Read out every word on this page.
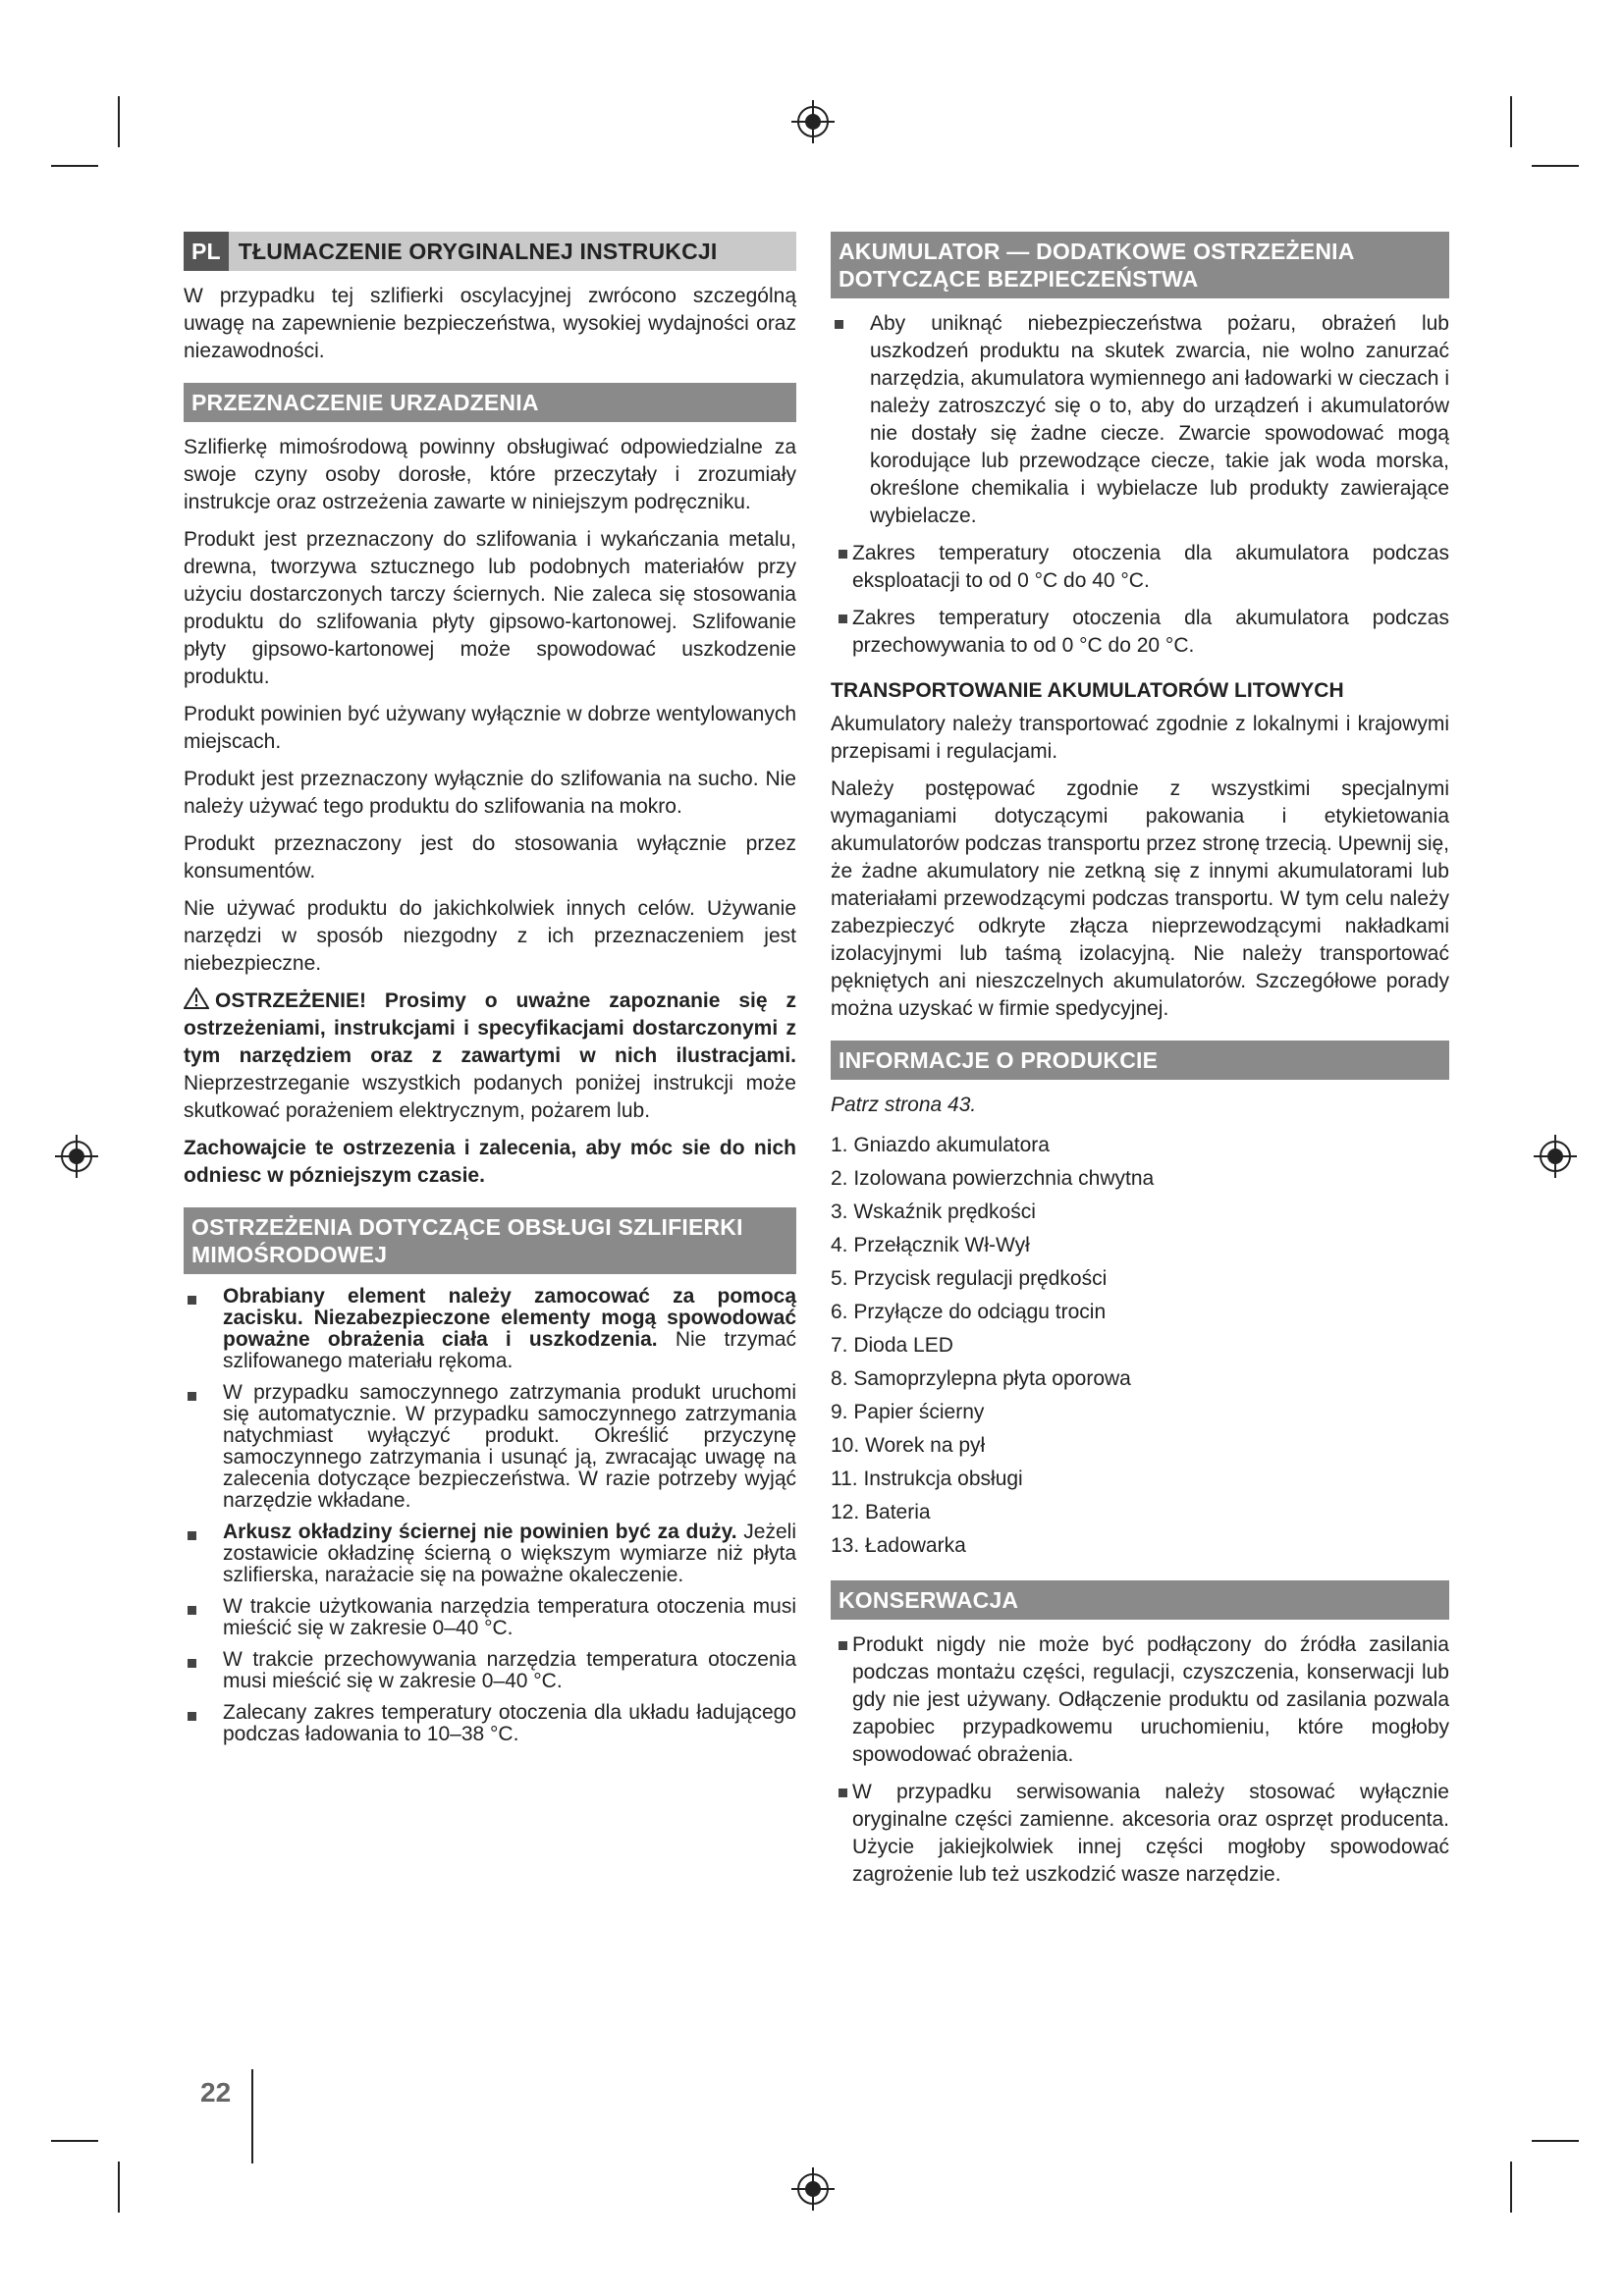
PL TŁUMACZENIE ORYGINALNEJ INSTRUKCJI

W przypadku tej szlifierki oscylacyjnej zwrócono szczególną uwagę na zapewnienie bezpieczeństwa, wysokiej wydajności oraz niezawodności.

PRZEZNACZENIE URZADZENIA

Szlifierkę mimośrodową powinny obsługiwać odpowiedzialne za swoje czyny osoby dorosłe, które przeczytały i zrozumiały instrukcje oraz ostrzeżenia zawarte w niniejszym podręczniku.

Produkt jest przeznaczony do szlifowania i wykańczania metalu, drewna, tworzywa sztucznego lub podobnych materiałów przy użyciu dostarczonych tarczy ściernych. Nie zaleca się stosowania produktu do szlifowania płyty gipsowo-kartonowej. Szlifowanie płyty gipsowo-kartonowej może spowodować uszkodzenie produktu.

Produkt powinien być używany wyłącznie w dobrze wentylowanych miejscach.

Produkt jest przeznaczony wyłącznie do szlifowania na sucho. Nie należy używać tego produktu do szlifowania na mokro.

Produkt przeznaczony jest do stosowania wyłącznie przez konsumentów.

Nie używać produktu do jakichkolwiek innych celów. Używanie narzędzi w sposób niezgodny z ich przeznaczeniem jest niebezpieczne.

OSTRZEŻENIE! Prosimy o uważne zapoznanie się z ostrzeżeniami, instrukcjami i specyfikacjami dostarczonymi z tym narzędziem oraz z zawartymi w nich ilustracjami. Nieprzestrzeganie wszystkich podanych poniżej instrukcji może skutkować porażeniem elektrycznym, pożarem lub.

Zachowajcie te ostrzezenia i zalecenia, aby móc sie do nich odniesc w pózniejszym czasie.

OSTRZEŻENIA DOTYCZĄCE OBSŁUGI SZLIFIERKI MIMOŚRODOWEJ
Obrabiany element należy zamocować za pomocą zacisku. Niezabezpieczone elementy mogą spowodować poważne obrażenia ciała i uszkodzenia. Nie trzymać szlifowanego materiału rękoma.
W przypadku samoczynnego zatrzymania produkt uruchomi się automatycznie. W przypadku samoczynnego zatrzymania natychmiast wyłączyć produkt. Określić przyczynę samoczynnego zatrzymania i usunąć ją, zwracając uwagę na zalecenia dotyczące bezpieczeństwa. W razie potrzeby wyjąć narzędzie wkładane.
Arkusz okładziny ściernej nie powinien być za duży. Jeżeli zostawicie okładzinę ścierną o większym wymiarze niż płyta szlifierska, narażacie się na poważne okaleczenie.
W trakcie użytkowania narzędzia temperatura otoczenia musi mieścić się w zakresie 0–40 °C.
W trakcie przechowywania narzędzia temperatura otoczenia musi mieścić się w zakresie 0–40 °C.
Zalecany zakres temperatury otoczenia dla układu ładującego podczas ładowania to 10–38 °C.
AKUMULATOR — DODATKOWE OSTRZEŻENIA DOTYCZĄCE BEZPIECZEŃSTWA
Aby uniknąć niebezpieczeństwa pożaru, obrażeń lub uszkodzeń produktu na skutek zwarcia, nie wolno zanurzać narzędzia, akumulatora wymiennego ani ładowarki w cieczach i należy zatroszczyć się o to, aby do urządzeń i akumulatorów nie dostały się żadne ciecze. Zwarcie spowodować mogą korodujące lub przewodzące ciecze, takie jak woda morska, określone chemikalia i wybielacze lub produkty zawierające wybielacze.
Zakres temperatury otoczenia dla akumulatora podczas eksploatacji to od 0 °C do 40 °C.
Zakres temperatury otoczenia dla akumulatora podczas przechowywania to od 0 °C do 20 °C.
TRANSPORTOWANIE AKUMULATORÓW LITOWYCH

Akumulatory należy transportować zgodnie z lokalnymi i krajowymi przepisami i regulacjami.

Należy postępować zgodnie z wszystkimi specjalnymi wymaganiami dotyczącymi pakowania i etykietowania akumulatorów podczas transportu przez stronę trzecią. Upewnij się, że żadne akumulatory nie zetkną się z innymi akumulatorami lub materiałami przewodzącymi podczas transportu. W tym celu należy zabezpieczyć odkryte złącza nieprzewodzącymi nakładkami izolacyjnymi lub taśmą izolacyjną. Nie należy transportować pękniętych ani nieszczelnych akumulatorów. Szczegółowe porady można uzyskać w firmie spedycyjnej.

INFORMACJE O PRODUKCIE

Patrz strona 43.

1. Gniazdo akumulatora
2. Izolowana powierzchnia chwytna
3. Wskaźnik prędkości
4. Przełącznik Wł-Wył
5. Przycisk regulacji prędkości
6. Przyłącze do odciągu trocin
7. Dioda LED
8. Samoprzylepna płyta oporowa
9. Papier ścierny
10. Worek na pył
11. Instrukcja obsługi
12. Bateria
13. Ładowarka
KONSERWACJA
Produkt nigdy nie może być podłączony do źródła zasilania podczas montażu części, regulacji, czyszczenia, konserwacji lub gdy nie jest używany. Odłączenie produktu od zasilania pozwala zapobiec przypadkowemu uruchomieniu, które mogłoby spowodować obrażenia.
W przypadku serwisowania należy stosować wyłącznie oryginalne części zamienne. akcesoria oraz osprzęt producenta. Użycie jakiejkolwiek innej części mogłoby spowodować zagrożenie lub też uszkodzić wasze narzędzie.
22
